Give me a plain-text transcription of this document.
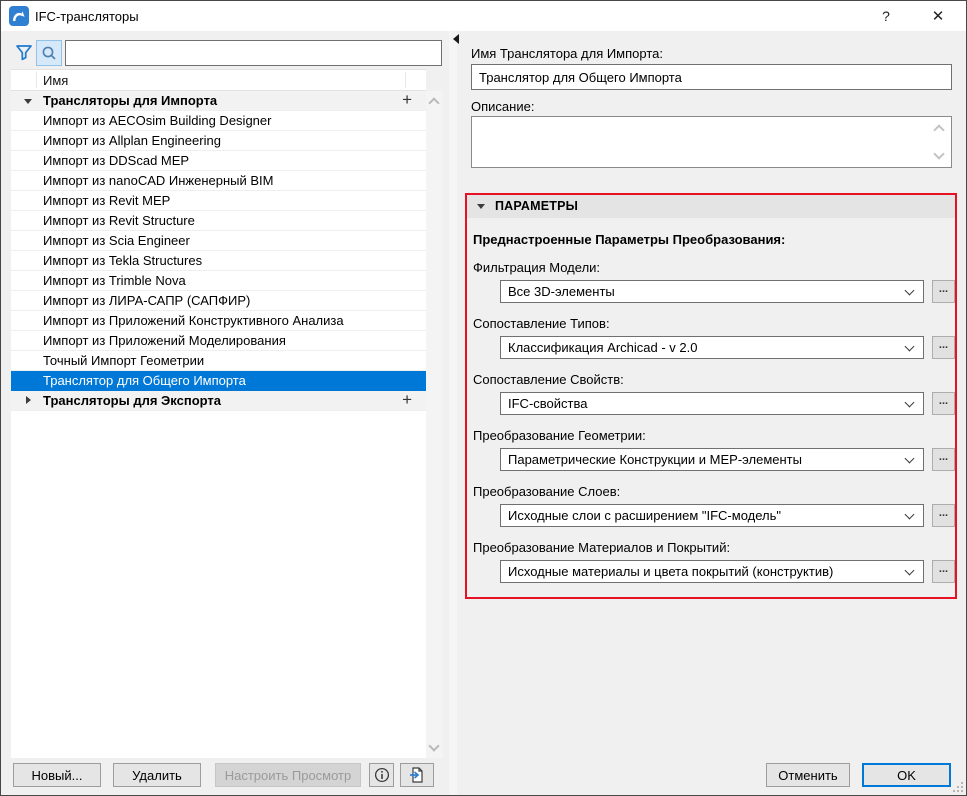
IFC-трансляторы	?	✕
Имя
Трансляторы для Импорта	+
Импорт из AECOsim Building Designer
Импорт из Allplan Engineering
Импорт из DDScad MEP
Импорт из nanoCAD Инженерный BIM
Импорт из Revit MEP
Импорт из Revit Structure
Импорт из Scia Engineer
Импорт из Tekla Structures
Импорт из Trimble Nova
Импорт из ЛИРА-САПР (САПФИР)
Импорт из Приложений Конструктивного Анализа
Импорт из Приложений Моделирования
Точный Импорт Геометрии
Транслятор для Общего Импорта
Трансляторы для Экспорта	+
Имя Транслятора для Импорта:
Транслятор для Общего Импорта
Описание:
ПАРАМЕТРЫ
Преднастроенные Параметры Преобразования:
Фильтрация Модели:
Все 3D-элементы	...
Сопоставление Типов:
Классификация Archicad - v 2.0	...
Сопоставление Свойств:
IFC-свойства	...
Преобразование Геометрии:
Параметрические Конструкции и MEP-элементы	...
Преобразование Слоев:
Исходные слои с расширением "IFC-модель"	...
Преобразование Материалов и Покрытий:
Исходные материалы и цвета покрытий (конструктив)	...
Новый...	Удалить	Настроить Просмотр	Отменить	OK
